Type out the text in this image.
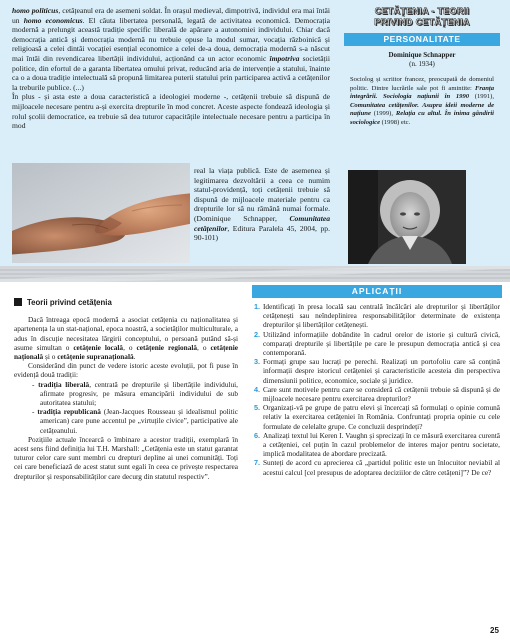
homo politicus, cetățeanul era de asemeni soldat. În orașul medieval, dimpotrivă, individul era mai întâi un homo economicus. El căuta libertatea personală, legată de activitatea economică. Democrația modernă a prelungit această tradiție specific liberală de apărare a autonomiei individului. Chiar dacă democrația antică și democrația modernă nu trebuie opuse la modul sumar, vocația războinică și religioasă a celei dintâi vocației esențial economice a celei de-a doua, democrația modernă s-a născut mai întâi din revendicarea libertății individului, acționând ca un actor economic împotriva societății politice, din efortul de a garanta libertatea omului privat, reducând aria de intervenție a statului, înainte ca o a doua tradiție intelectuală să propună limitarea puterii statului prin participarea activă a cetățenilor la treburile publice. (...)

În plus - și asta este a doua caracteristică a ideologiei moderne -, cetățenii trebuie să dispună de mijloacele necesare pentru a-și exercita drepturile în mod concret. Aceste aspecte fondează ideologia și rolul școlii democratice, ea trebuie să dea tuturor capacitățile intelectuale necesare pentru a participa în mod

real la viața publică. Este de asemenea și legitimarea dezvoltării a ceea ce numim statul-providență, toți cetățenii trebuie să dispună de mijloacele materiale pentru ca drepturile lor să nu rămână numai formale. (Dominique Schnapper, Comunitatea cetățenilor, Editura Paralela 45, 2004, pp. 90-101)
CETĂȚENIA - TEORII
PRIVIND CETĂȚENIA
PERSONALITATE
Dominique Schnapper
(n. 1934)
Sociolog și scriitor francez, preocupată de domeniul politic. Dintre lucrările sale pot fi amintite: Franța integrării. Sociologia națiunii în 1990 (1991), Comunitatea cetățenilor. Asupra ideii moderne de națiune (1999), Relația cu altul. În inima gândirii sociologice (1998) etc.
APLICAȚII
Teorii privind cetățenia

Dacă întreaga epocă modernă a asociat cetățenia cu naționalitatea și apartenența la un stat-național, epoca noastră, a societăților multiculturale, a adus în discuție necesitatea lărgirii conceptului, o persoană putând să-și asume simultan o cetățenie locală, o cetățenie regională, o cetățenie națională și o cetățenie supranațională.

Considerând din punct de vedere istoric aceste evoluții, pot fi puse în evidență două tradiții:

- tradiția liberală, centrată pe drepturile și libertățile individului, afirmate progresiv, pe măsura emancipării individului de sub autoritatea statului;
- tradiția republicană (Jean-Jacques Rousseau și idealismul politic american) care pune accentul pe „virtuțile civice”, participative ale cetățeanului.

Pozițiile actuale încearcă o îmbinare a acestor tradiții, exemplară în acest sens fiind definiția lui T.H. Marshall: „Cetățenia este un statut garantat tuturor celor care sunt membri cu drepturi depline ai unei comunități. Toți cei care beneficiază de acest statut sunt egali în ceea ce privește respectarea drepturilor și responsabilităților care decurg din statutul respectiv”.

1. Identificați în presa locală sau centrală încălcări ale drepturilor și libertăților cetățenești sau neîndeplinirea responsabilităților determinate de existența drepturilor și libertăților cetățenești.
2. Utilizând informațiile dobândite în cadrul orelor de istorie și cultură civică, comparați drepturile și libertățile pe care le presupun democrația antică și cea contemporană.
3. Formați grupe sau lucrați pe perechi. Realizați un portofoliu care să conțină informații despre istoricul cetățeniei și caracteristicile acesteia din perspectiva dimensiunii politice, economice, sociale și juridice.
4. Care sunt motivele pentru care se consideră că cetățenii trebuie să dispună și de mijloacele necesare pentru exercitarea drepturilor?
5. Organizați-vă pe grupe de patru elevi și încercați să formulați o opinie comună relativ la exercitarea cetățeniei în România. Confruntați propria opinie cu cele formulate de celelalte grupe. Ce concluzii desprindeți?
6. Analizați textul lui Keren I. Vaughn și sprecizați în ce măsură exercitarea curentă a cetățeniei, cel puțin în cazul problemelor de interes major pentru societate, implică modalitatea de abordare precizată.
7. Sunteți de acord cu aprecierea că „partidul politic este un înlocuitor neviabil al acestui calcul [cel presupus de adoptarea deciziilor de către cetățeni]”? De ce?
25
